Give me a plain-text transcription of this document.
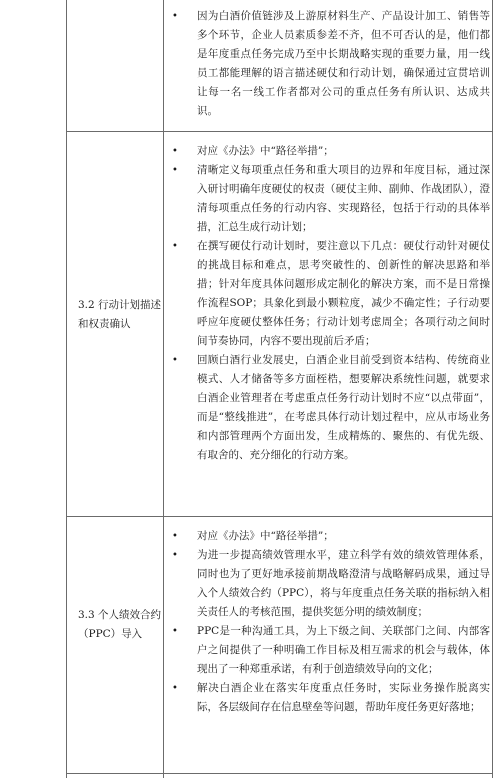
• 因为白酒价值链涉及上游原材料生产、产品设计加工、销售等多个环节，企业人员素质参差不齐，但不可否认的是，他们都是年度重点任务完成乃至中长期战略实现的重要力量，用一线员工都能理解的语言描述硬仗和行动计划，确保通过宣贯培训让每一名一线工作者都对公司的重点任务有所认识、达成共识。
3.2 行动计划描述和权责确认
• 对应《办法》中“路径举措”；
• 清晰定义每项重点任务和重大项目的边界和年度目标，通过深入研讨明确年度硬仗的权责（硬仗主帅、副帅、作战团队），澄清每项重点任务的行动内容、实现路径，包括于行动的具体举措，汇总生成行动计划；
• 在撰写硬仗行动计划时，要注意以下几点：硬仗行动针对硬仗的挑战目标和难点，思考突破性的、创新性的解决思路和举措；针对年度具体问题形成定制化的解决方案，而不是日常操作流程SOP；具象化到最小颗粒度，减少不确定性；子行动要呼应年度硬仗整体任务；行动计划考虑周全；各项行动之间时间节奏协同，内容不要出现前后矛盾；
• 回顾白酒行业发展史，白酒企业目前受到资本结构、传统商业模式、人才储备等多方面桎梏，想要解决系统性问题，就要求白酒企业管理者在考虑重点任务行动计划时不应“以点带面”，而是“整线推进”，在考虑具体行动计划过程中，应从市场业务和内部管理两个方面出发，生成精炼的、聚焦的、有优先级、有取舍的、充分细化的行动方案。
3.3 个人绩效合约（PPC）导入
• 对应《办法》中“路径举措”；
• 为进一步提高绩效管理水平，建立科学有效的绩效管理体系，同时也为了更好地承接前期战略澄清与战略解码成果，通过导入个人绩效合约（PPC），将与年度重点任务关联的指标纳入相关责任人的考核范围，提供奖惩分明的绩效制度；
• PPC是一种沟通工具，为上下级之间、关联部门之间、内部客户之间提供了一种明确工作目标及相互需求的机会与载体，体现出了一种郑重承诺，有利于创造绩效导向的文化；
• 解决白酒企业在落实年度重点任务时，实际业务操作脱离实际，各层级间存在信息壁垒等问题，帮助年度任务更好落地；
